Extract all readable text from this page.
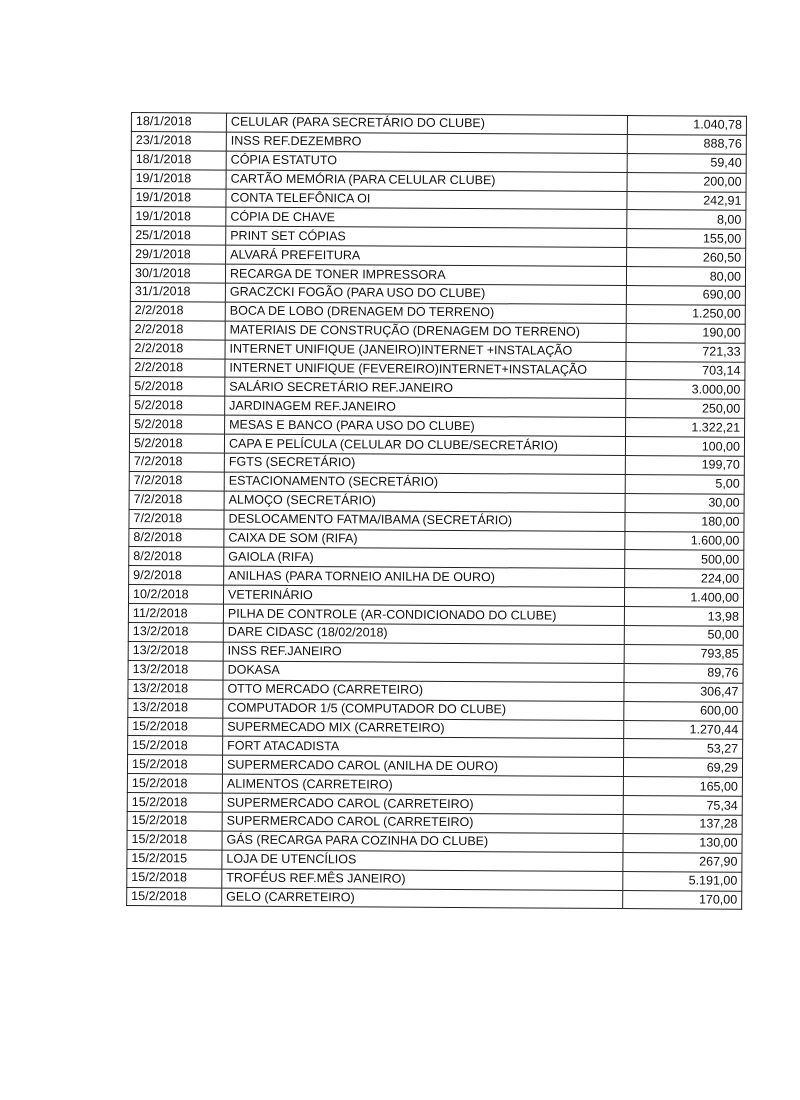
18/1/2018	CELULAR (PARA SECRETÁRIO DO CLUBE)	1.040,78
23/1/2018	INSS REF.DEZEMBRO	888,76
18/1/2018	CÓPIA ESTATUTO	59,40
19/1/2018	CARTÃO MEMÓRIA (PARA CELULAR CLUBE)	200,00
19/1/2018	CONTA TELEFÔNICA OI	242,91
19/1/2018	CÓPIA DE CHAVE	8,00
25/1/2018	PRINT SET CÓPIAS	155,00
29/1/2018	ALVARÁ PREFEITURA	260,50
30/1/2018	RECARGA DE TONER IMPRESSORA	80,00
31/1/2018	GRACZCKI FOGÃO (PARA USO DO CLUBE)	690,00
2/2/2018	BOCA DE LOBO (DRENAGEM DO TERRENO)	1.250,00
2/2/2018	MATERIAIS DE CONSTRUÇÃO (DRENAGEM DO TERRENO)	190,00
2/2/2018	INTERNET UNIFIQUE (JANEIRO)INTERNET +INSTALAÇÃO	721,33
2/2/2018	INTERNET UNIFIQUE (FEVEREIRO)INTERNET+INSTALAÇÃO	703,14
5/2/2018	SALÁRIO SECRETÁRIO REF.JANEIRO	3.000,00
5/2/2018	JARDINAGEM REF.JANEIRO	250,00
5/2/2018	MESAS E BANCO (PARA USO DO CLUBE)	1.322,21
5/2/2018	CAPA E PELÍCULA (CELULAR DO CLUBE/SECRETÁRIO)	100,00
7/2/2018	FGTS (SECRETÁRIO)	199,70
7/2/2018	ESTACIONAMENTO (SECRETÁRIO)	5,00
7/2/2018	ALMOÇO (SECRETÁRIO)	30,00
7/2/2018	DESLOCAMENTO FATMA/IBAMA (SECRETÁRIO)	180,00
8/2/2018	CAIXA DE SOM (RIFA)	1.600,00
8/2/2018	GAIOLA (RIFA)	500,00
9/2/2018	ANILHAS (PARA TORNEIO ANILHA DE OURO)	224,00
10/2/2018	VETERINÁRIO	1.400,00
11/2/2018	PILHA DE CONTROLE (AR-CONDICIONADO DO CLUBE)	13,98
13/2/2018	DARE CIDASC (18/02/2018)	50,00
13/2/2018	INSS REF.JANEIRO	793,85
13/2/2018	DOKASA	89,76
13/2/2018	OTTO MERCADO (CARRETEIRO)	306,47
13/2/2018	COMPUTADOR 1/5 (COMPUTADOR DO CLUBE)	600,00
15/2/2018	SUPERMECADO MIX (CARRETEIRO)	1.270,44
15/2/2018	FORT ATACADISTA	53,27
15/2/2018	SUPERMERCADO CAROL (ANILHA DE OURO)	69,29
15/2/2018	ALIMENTOS (CARRETEIRO)	165,00
15/2/2018	SUPERMERCADO CAROL (CARRETEIRO)	75,34
15/2/2018	SUPERMERCADO CAROL (CARRETEIRO)	137,28
15/2/2018	GÁS (RECARGA PARA COZINHA DO CLUBE)	130,00
15/2/2015	LOJA DE UTENCÍLIOS	267,90
15/2/2018	TROFÉUS REF.MÊS JANEIRO)	5.191,00
15/2/2018	GELO (CARRETEIRO)	170,00
